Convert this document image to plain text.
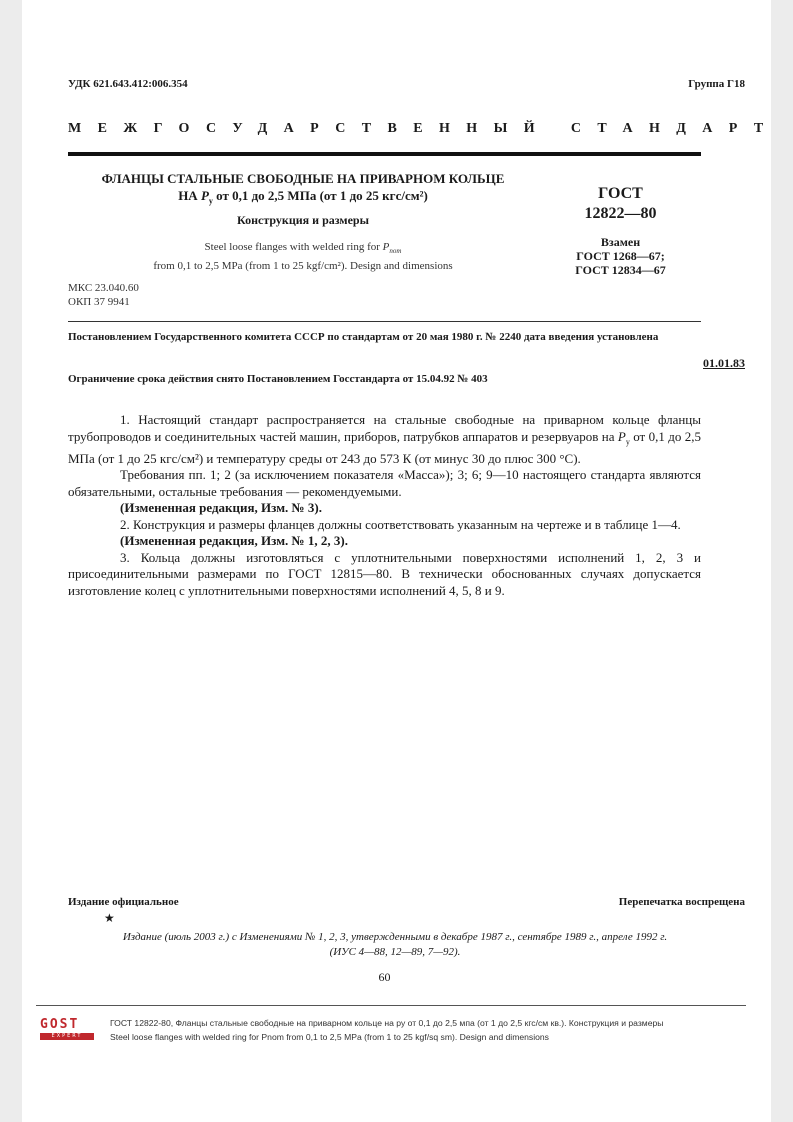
УДК 621.643.412:006.354	Группа Г18
МЕЖГОСУДАРСТВЕННЫЙ СТАНДАРТ
ФЛАНЦЫ СТАЛЬНЫЕ СВОБОДНЫЕ НА ПРИВАРНОМ КОЛЬЦЕ
НА $P_y$ от 0,1 до 2,5 МПа (от 1 до 25 кгс/см²)
Конструкция и размеры
Steel loose flanges with welded ring for $P_{nom}$
from 0,1 to 2,5 MPa (from 1 to 25 kgf/cm²). Design and dimensions
ГОСТ
12822—80
Взамен
ГОСТ 1268—67;
ГОСТ 12834—67
МКС 23.040.60
ОКП 37 9941
Постановлением Государственного комитета СССР по стандартам от 20 мая 1980 г. № 2240 дата введения установлена
01.01.83
Ограничение срока действия снято Постановлением Госстандарта от 15.04.92 № 403

1. Настоящий стандарт распространяется на стальные свободные на приварном кольце фланцы трубопроводов и соединительных частей машин, приборов, патрубков аппаратов и резервуаров на $P_y$ от 0,1 до 2,5 МПа (от 1 до 25 кгс/см²) и температуру среды от 243 до 573 К (от минус 30 до плюс 300 °С).

Требования пп. 1; 2 (за исключением показателя «Масса»); 3; 6; 9—10 настоящего стандарта являются обязательными, остальные требования — рекомендуемыми.

(Измененная редакция, Изм. № 3).

2. Конструкция и размеры фланцев должны соответствовать указанным на чертеже и в таблице 1—4.

(Измененная редакция, Изм. № 1, 2, 3).

3. Кольца должны изготовляться с уплотнительными поверхностями исполнений 1, 2, 3 и присоединительными размерами по ГОСТ 12815—80. В технически обоснованных случаях допускается изготовление колец с уплотнительными поверхностями исполнений 4, 5, 8 и 9.

Издание официальное	Перепечатка воспрещена
★
Издание (июль 2003 г.) с Изменениями № 1, 2, 3, утвержденными в декабре 1987 г., сентябре 1989 г., апреле 1992 г. (ИУС 4—88, 12—89, 7—92).
60
GOST
EXPERT
ГОСТ 12822-80, Фланцы стальные свободные на приварном кольце на ру от 0,1 до 2,5 мпа (от 1 до 2,5 кгс/см кв.). Конструкция и размеры
Steel loose flanges with welded ring for Pnom from 0,1 to 2,5 MPa (from 1 to 25 kgf/sq sm). Design and dimensions
